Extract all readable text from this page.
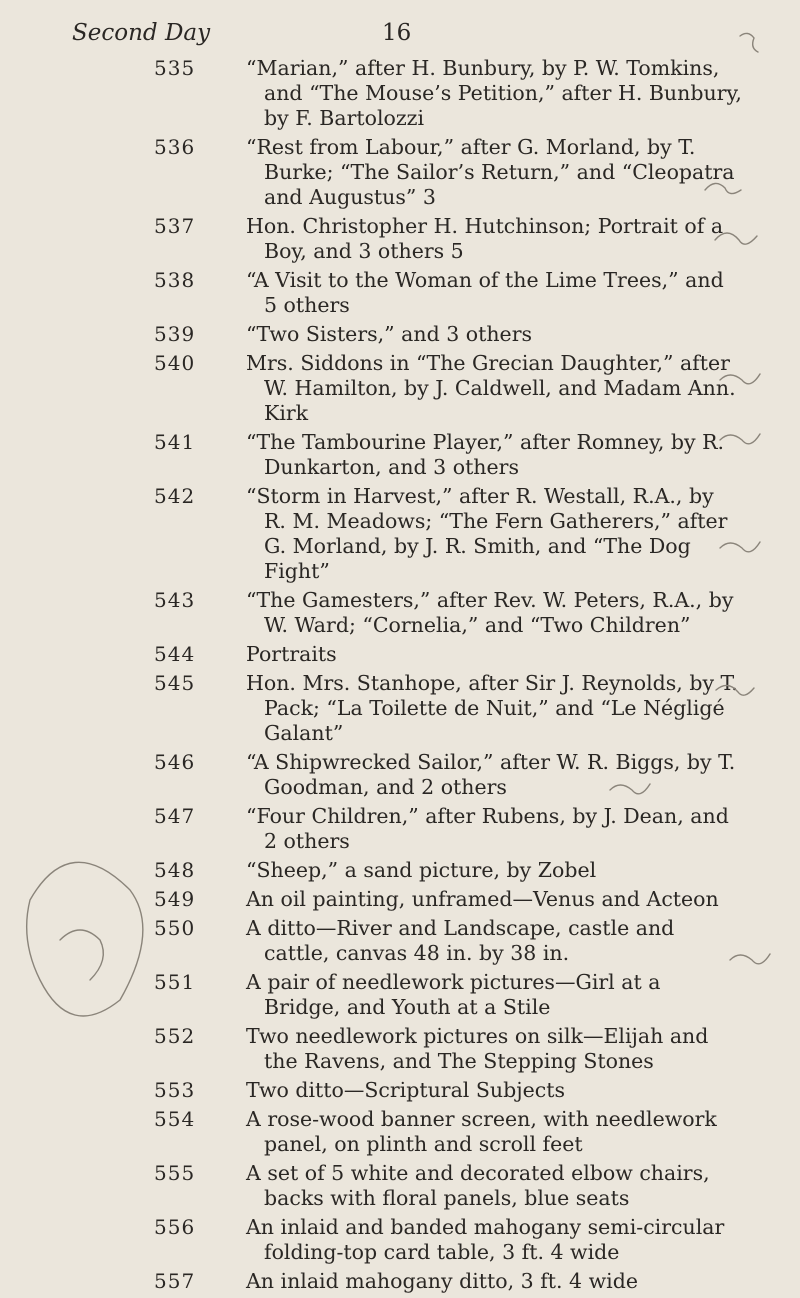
Second Day	16
535	“Marian,” after H. Bunbury, by P. W. Tomkins, and “The Mouse’s Petition,” after H. Bunbury, by F. Bartolozzi
536	“Rest from Labour,” after G. Morland, by T. Burke; “The Sailor’s Return,” and “Cleopatra and Augustus” 3
537	Hon. Christopher H. Hutchinson; Portrait of a Boy, and 3 others 5
538	“A Visit to the Woman of the Lime Trees,” and 5 others
539	“Two Sisters,” and 3 others
540	Mrs. Siddons in “The Grecian Daughter,” after W. Hamilton, by J. Caldwell, and Madam Ann. Kirk
541	“The Tambourine Player,” after Romney, by R. Dunkarton, and 3 others
542	“Storm in Harvest,” after R. Westall, R.A., by R. M. Meadows; “The Fern Gatherers,” after G. Morland, by J. R. Smith, and “The Dog Fight”
543	“The Gamesters,” after Rev. W. Peters, R.A., by W. Ward; “Cornelia,” and “Two Children”
544	Portraits
545	Hon. Mrs. Stanhope, after Sir J. Reynolds, by T. Pack; “La Toilette de Nuit,” and “Le Négligé Galant”
546	“A Shipwrecked Sailor,” after W. R. Biggs, by T. Goodman, and 2 others
547	“Four Children,” after Rubens, by J. Dean, and 2 others
548	“Sheep,” a sand picture, by Zobel
549	An oil painting, unframed—Venus and Acteon
550	A ditto—River and Landscape, castle and cattle, canvas 48 in. by 38 in.
551	A pair of needlework pictures—Girl at a Bridge, and Youth at a Stile
552	Two needlework pictures on silk—Elijah and the Ravens, and The Stepping Stones
553	Two ditto—Scriptural Subjects
554	A rose-wood banner screen, with needlework panel, on plinth and scroll feet
555	A set of 5 white and decorated elbow chairs, backs with floral panels, blue seats
556	An inlaid and banded mahogany semi-circular folding-top card table, 3 ft. 4 wide
557	An inlaid mahogany ditto, 3 ft. 4 wide
